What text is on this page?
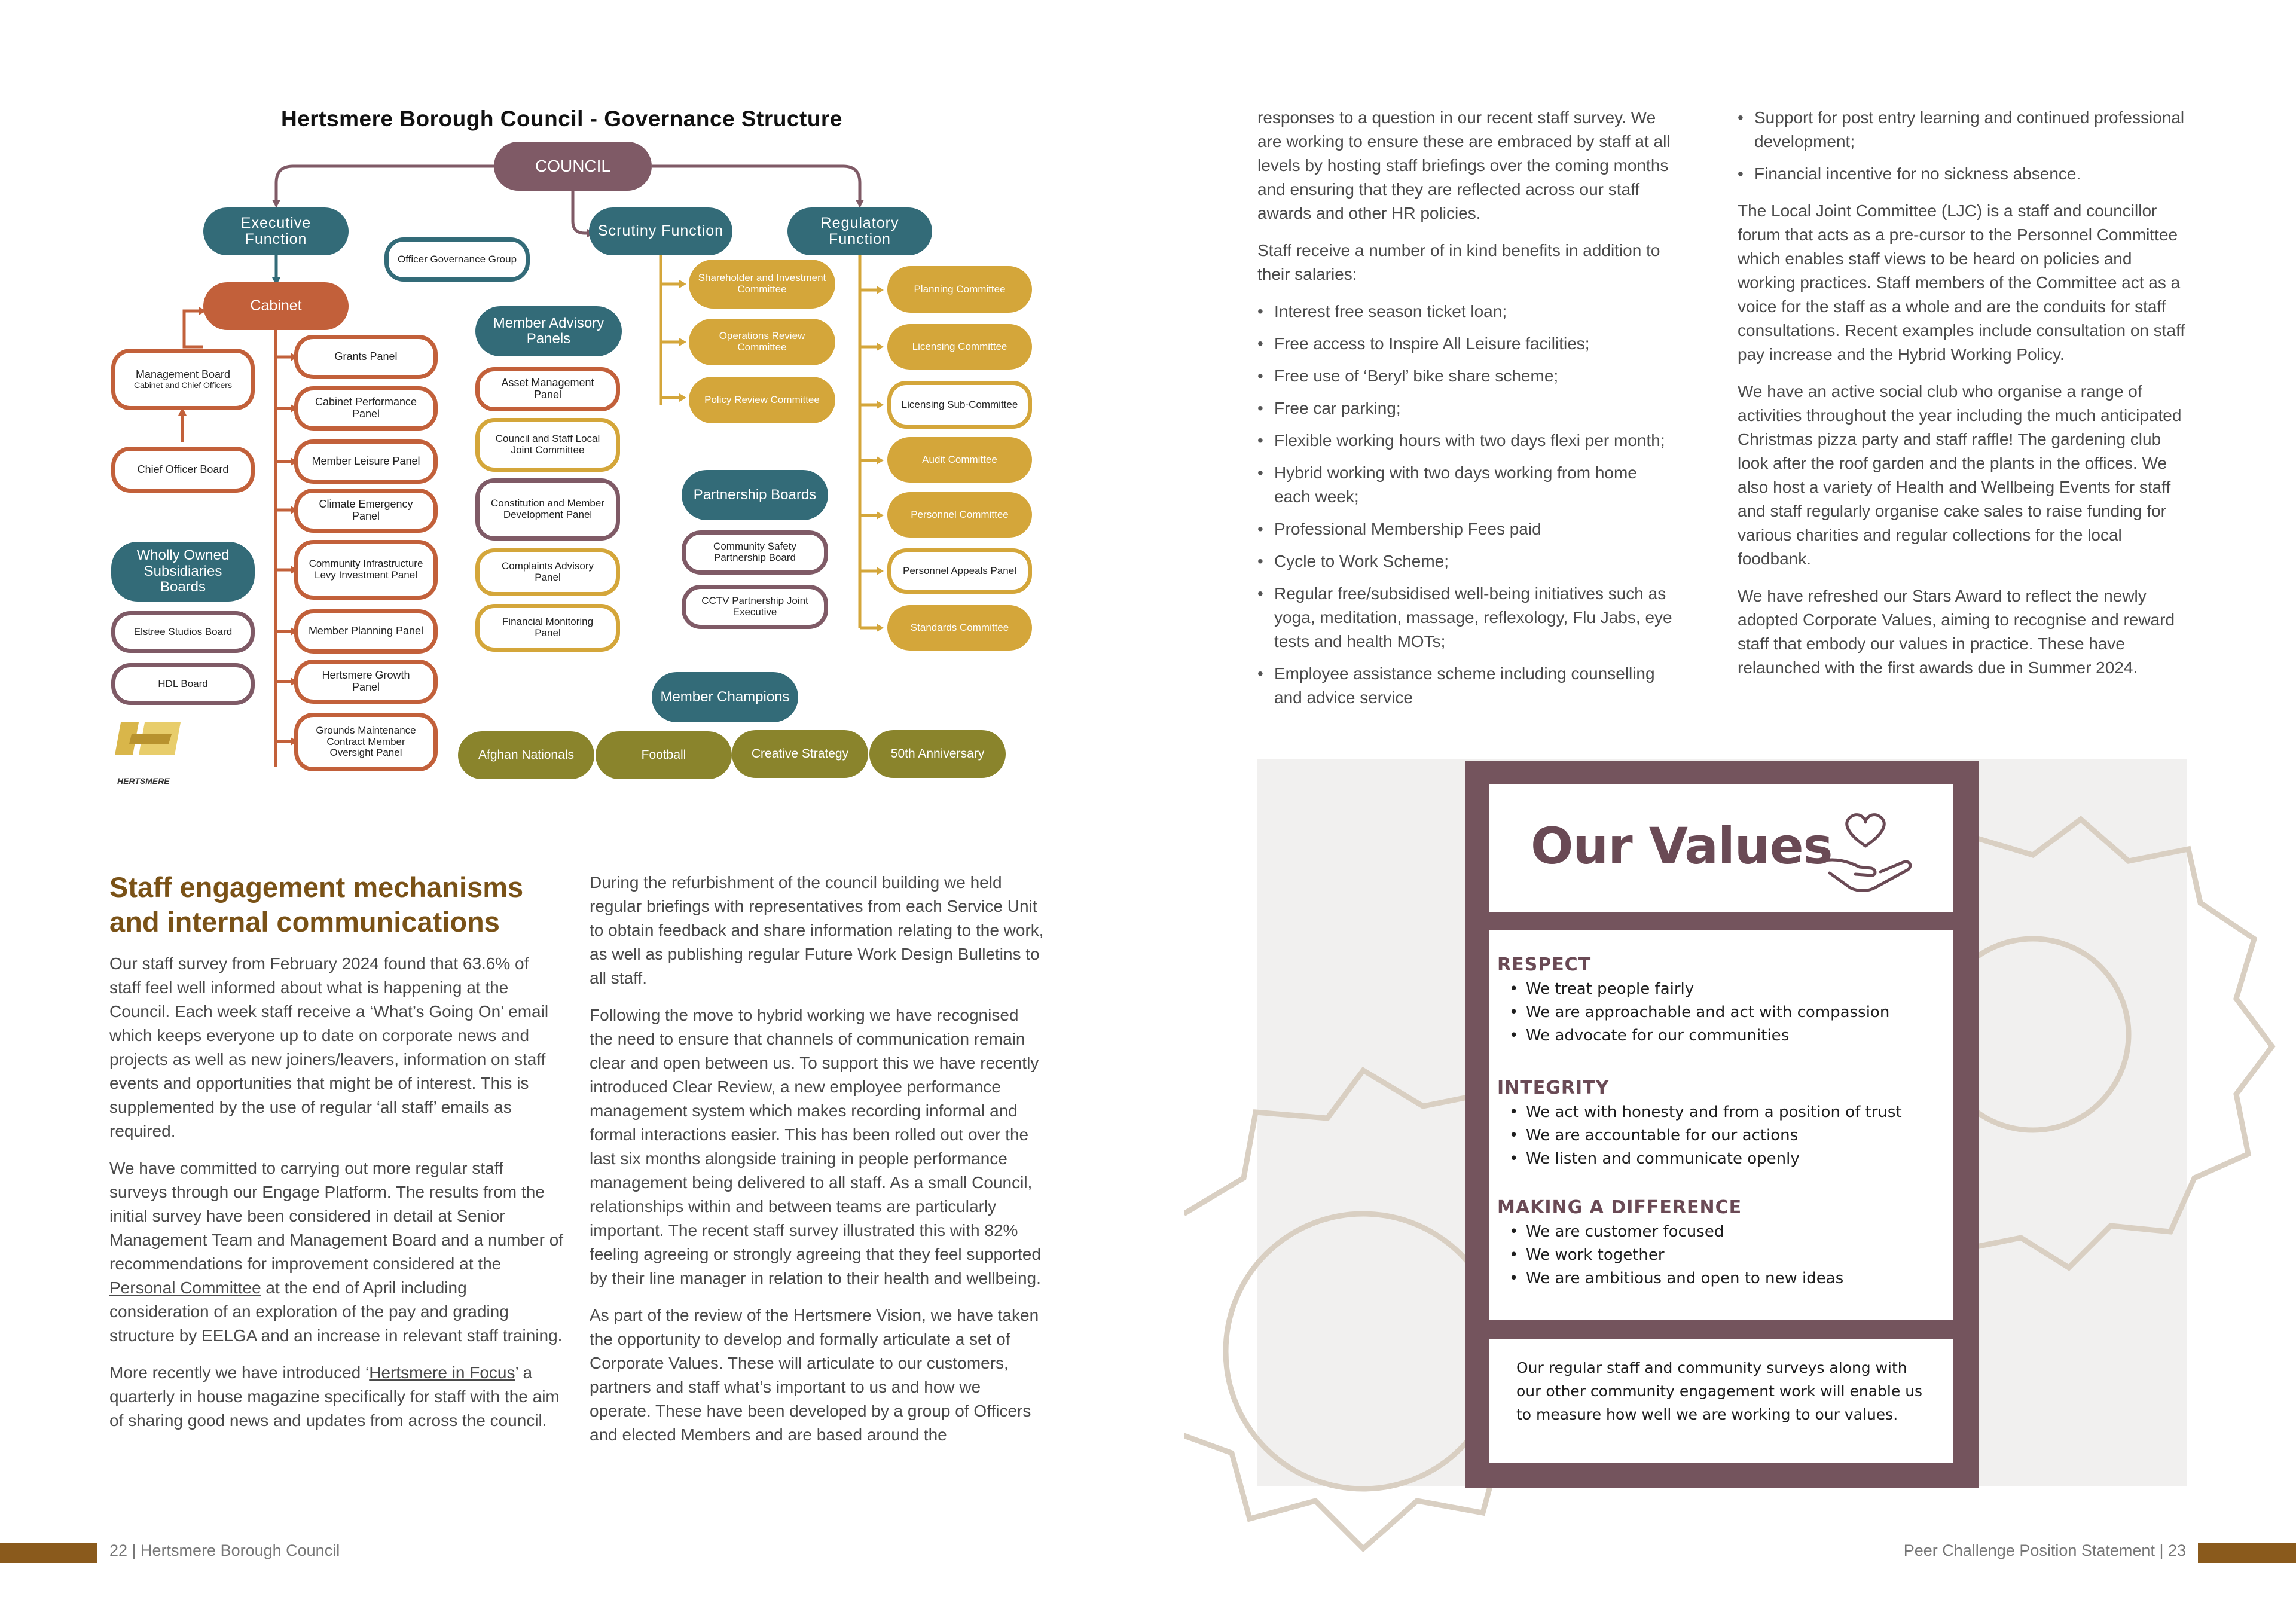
Hertsmere Borough Council - Governance Structure
COUNCIL
Executive Function	Scrutiny Function	Regulatory Function
Officer Governance Group
Cabinet
Management Board
Cabinet and Chief Officers
Chief Officer Board
Wholly Owned Subsidiaries Boards
Elstree Studios Board
HDL Board
HERTSMERE
Grants Panel
Cabinet Performance Panel
Member Leisure Panel
Climate Emergency Panel
Community Infrastructure Levy Investment Panel
Member Planning Panel
Hertsmere Growth Panel
Grounds Maintenance Contract Member Oversight Panel
Member Advisory Panels
Asset Management Panel
Council and Staff Local Joint Committee
Constitution and Member Development Panel
Complaints Advisory Panel
Financial Monitoring Panel
Shareholder and Investment Committee
Operations Review Committee
Policy Review Committee
Partnership Boards
Community Safety Partnership Board
CCTV Partnership Joint Executive
Planning Committee
Licensing Committee
Licensing Sub-Committee
Audit Committee
Personnel Committee
Personnel Appeals Panel
Standards Committee
Member Champions
Afghan Nationals	Football	Creative Strategy	50th Anniversary
Staff engagement mechanisms and internal communications

Our staff survey from February 2024 found that 63.6% of staff feel well informed about what is happening at the Council. Each week staff receive a ‘What’s Going On’ email which keeps everyone up to date on corporate news and projects as well as new joiners/leavers, information on staff events and opportunities that might be of interest. This is supplemented by the use of regular ‘all staff’ emails as required.

We have committed to carrying out more regular staff surveys through our Engage Platform. The results from the initial survey have been considered in detail at Senior Management Team and Management Board and a number of recommendations for improvement considered at the Personal Committee at the end of April including consideration of an exploration of the pay and grading structure by EELGA and an increase in relevant staff training.

More recently we have introduced ‘Hertsmere in Focus’ a quarterly in house magazine specifically for staff with the aim of sharing good news and updates from across the council.

During the refurbishment of the council building we held regular briefings with representatives from each Service Unit to obtain feedback and share information relating to the work, as well as publishing regular Future Work Design Bulletins to all staff.

Following the move to hybrid working we have recognised the need to ensure that channels of communication remain clear and open between us. To support this we have recently introduced Clear Review, a new employee performance management system which makes recording informal and formal interactions easier. This has been rolled out over the last six months alongside training in people performance management being delivered to all staff. As a small Council, relationships within and between teams are particularly important. The recent staff survey illustrated this with 82% feeling agreeing or strongly agreeing that they feel supported by their line manager in relation to their health and wellbeing.

As part of the review of the Hertsmere Vision, we have taken the opportunity to develop and formally articulate a set of Corporate Values. These will articulate to our customers, partners and staff what’s important to us and how we operate. These have been developed by a group of Officers and elected Members and are based around the

responses to a question in our recent staff survey. We are working to ensure these are embraced by staff at all levels by hosting staff briefings over the coming months and ensuring that they are reflected across our staff awards and other HR policies.

Staff receive a number of in kind benefits in addition to their salaries:

• Interest free season ticket loan;
• Free access to Inspire All Leisure facilities;
• Free use of ‘Beryl’ bike share scheme;
• Free car parking;
• Flexible working hours with two days flexi per month;
• Hybrid working with two days working from home each week;
• Professional Membership Fees paid
• Cycle to Work Scheme;
• Regular free/subsidised well-being initiatives such as yoga, meditation, massage, reflexology, Flu Jabs, eye tests and health MOTs;
• Employee assistance scheme including counselling and advice service
• Support for post entry learning and continued professional development;
• Financial incentive for no sickness absence.

The Local Joint Committee (LJC) is a staff and councillor forum that acts as a pre-cursor to the Personnel Committee which enables staff views to be heard on policies and working practices. Staff members of the Committee act as a voice for the staff as a whole and are the conduits for staff consultations. Recent examples include consultation on staff pay increase and the Hybrid Working Policy.

We have an active social club who organise a range of activities throughout the year including the much anticipated Christmas pizza party and staff raffle! The gardening club look after the roof garden and the plants in the offices. We also host a variety of Health and Wellbeing Events for staff and staff regularly organise cake sales to raise funding for various charities and regular collections for the local foodbank.

We have refreshed our Stars Award to reflect the newly adopted Corporate Values, aiming to recognise and reward staff that embody our values in practice. These have relaunched with the first awards due in Summer 2024.

Our Values
RESPECT
• We treat people fairly
• We are approachable and act with compassion
• We advocate for our communities
INTEGRITY
• We act with honesty and from a position of trust
• We are accountable for our actions
• We listen and communicate openly
MAKING A DIFFERENCE
• We are customer focused
• We work together
• We are ambitious and open to new ideas
Our regular staff and community surveys along with our other community engagement work will enable us to measure how well we are working to our values.
22 | Hertsmere Borough Council	Peer Challenge Position Statement | 23
